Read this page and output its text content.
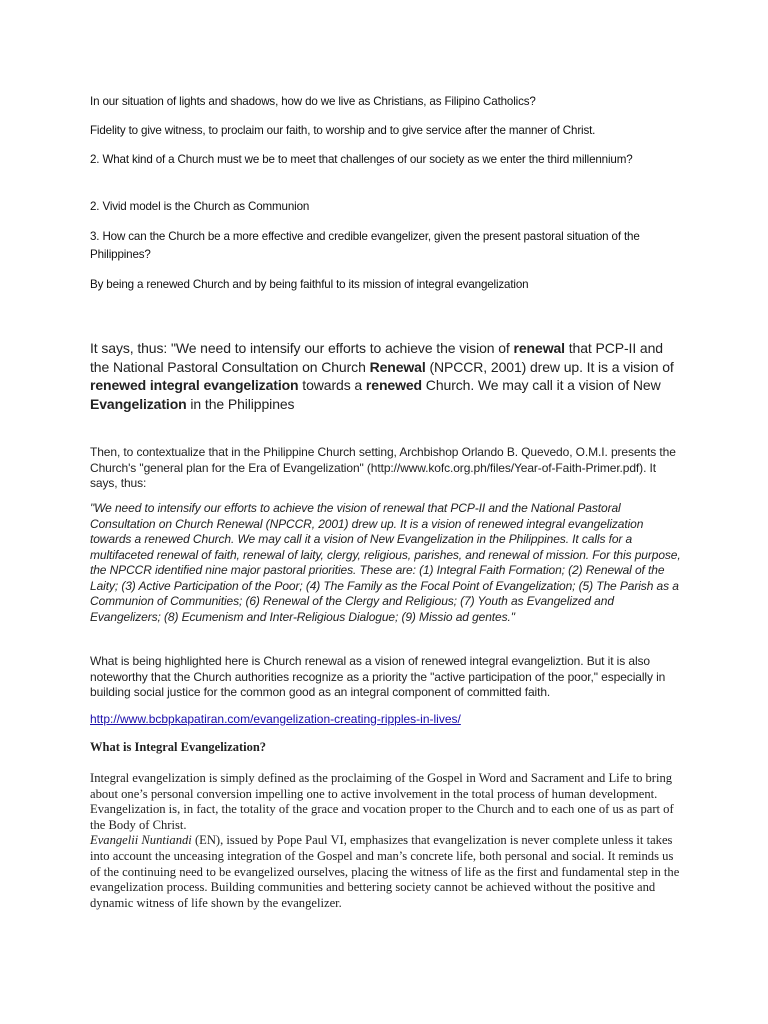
In our situation of lights and shadows, how do we live as Christians, as Filipino Catholics?

Fidelity to give witness, to proclaim our faith, to worship and to give service after the manner of Christ.

2. What kind of a Church must we be to meet that challenges of our society as we enter the third millennium?

2. Vivid model is the Church as Communion

3. How can the Church be a more effective and credible evangelizer, given the present pastoral situation of the Philippines?

By being a renewed Church and by being faithful to its mission of integral evangelization

It says, thus: "We need to intensify our efforts to achieve the vision of renewal that PCP-II and the National Pastoral Consultation on Church Renewal (NPCCR, 2001) drew up. It is a vision of renewed integral evangelization towards a renewed Church. We may call it a vision of New Evangelization in the Philippines

Then, to contextualize that in the Philippine Church setting, Archbishop Orlando B. Quevedo, O.M.I. presents the Church's "general plan for the Era of Evangelization" (http://www.kofc.org.ph/files/Year-of-Faith-Primer.pdf). It says, thus:

"We need to intensify our efforts to achieve the vision of renewal that PCP-II and the National Pastoral Consultation on Church Renewal (NPCCR, 2001) drew up. It is a vision of renewed integral evangelization towards a renewed Church. We may call it a vision of New Evangelization in the Philippines. It calls for a multifaceted renewal of faith, renewal of laity, clergy, religious, parishes, and renewal of mission. For this purpose, the NPCCR identified nine major pastoral priorities. These are: (1) Integral Faith Formation; (2) Renewal of the Laity; (3) Active Participation of the Poor; (4) The Family as the Focal Point of Evangelization; (5) The Parish as a Communion of Communities; (6) Renewal of the Clergy and Religious; (7) Youth as Evangelized and Evangelizers; (8) Ecumenism and Inter-Religious Dialogue; (9) Missio ad gentes."

What is being highlighted here is Church renewal as a vision of renewed integral evangeliztion. But it is also noteworthy that the Church authorities recognize as a priority the "active participation of the poor," especially in building social justice for the common good as an integral component of committed faith.

http://www.bcbpkapatiran.com/evangelization-creating-ripples-in-lives/

What is Integral Evangelization?

Integral evangelization is simply defined as the proclaiming of the Gospel in Word and Sacrament and Life to bring about one’s personal conversion impelling one to active involvement in the total process of human development. Evangelization is, in fact, the totality of the grace and vocation proper to the Church and to each one of us as part of the Body of Christ.
Evangelii Nuntiandi (EN), issued by Pope Paul VI, emphasizes that evangelization is never complete unless it takes into account the unceasing integration of the Gospel and man’s concrete life, both personal and social. It reminds us of the continuing need to be evangelized ourselves, placing the witness of life as the first and fundamental step in the evangelization process. Building communities and bettering society cannot be achieved without the positive and dynamic witness of life shown by the evangelizer.
